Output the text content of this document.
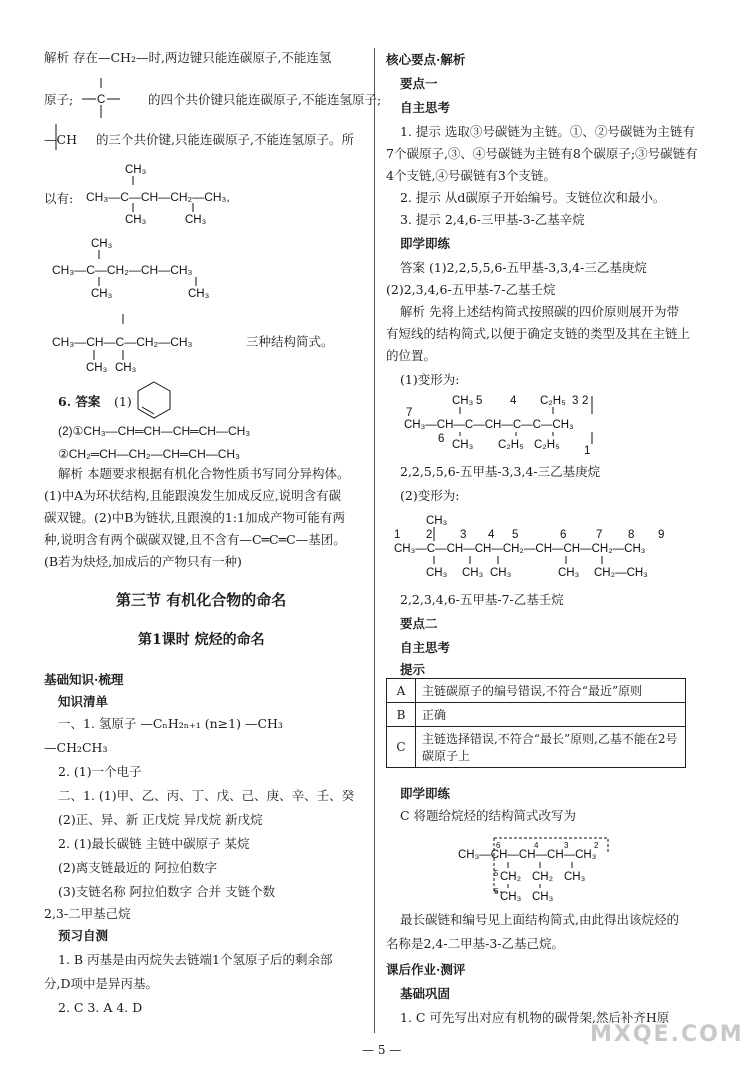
解析 存在—CH₂—时,两边键只能连碳原子,不能连氢
原子; C	的四个共价键只能连碳原子,不能连氢原子;
—CH 的三个共价键,只能连碳原子,不能连氢原子。所
以有:
CH₃
CH₃	CH₃
CH₃—C—CH—CH₂—CH₃,
CH₃
CH₃	CH₃
CH₃—C—CH₂—CH—CH₃
CH₃ CH₃
CH₃—CH—C—CH₂—CH₃	三种结构简式。
6. 答案 (1)
(2)①CH₃—CH═CH—CH═CH—CH₃
②CH₂═CH—CH₂—CH═CH—CH₃
解析 本题要求根据有机化合物性质书写同分异构体。
(1)中A为环状结构,且能跟溴发生加成反应,说明含有碳
碳双键。(2)中B为链状,且跟溴的1:1加成产物可能有两
种,说明含有两个碳碳双键,且不含有—C═C═C—基团。
(B若为炔烃,加成后的产物只有一种)
第三节 有机化合物的命名
第1课时 烷烃的命名
基础知识·梳理
知识清单
一、1. 氢原子 —CₙH₂ₙ₊₁ (n≥1) —CH₃
—CH₂CH₃
2. (1)一个电子
二、1. (1)甲、乙、丙、丁、戊、己、庚、辛、壬、癸
(2)正、异、新 正戊烷 异戊烷 新戊烷
2. (1)最长碳链 主链中碳原子 某烷
(2)离支链最近的 阿拉伯数字
(3)支链名称 阿拉伯数字 合并 支链个数
2,3-二甲基己烷
预习自测
1. B 丙基是由丙烷失去链端1个氢原子后的剩余部
分,D项中是异丙基。
2. C 3. A 4. D
核心要点·解析
要点一
自主思考
1. 提示 选取③号碳链为主链。①、②号碳链为主链有
7个碳原子,③、④号碳链为主链有8个碳原子;③号碳链有
4个支链,④号碳链有3个支链。
2. 提示 从d碳原子开始编号。支链位次和最小。
3. 提示 2,4,6-三甲基-3-乙基辛烷
即学即练
答案 (1)2,2,5,5,6-五甲基-3,3,4-三乙基庚烷
(2)2,3,4,6-五甲基-7-乙基壬烷
解析 先将上述结构简式按照碳的四价原则展开为带
有短线的结构简式,以便于确定支链的类型及其在主链上
的位置。
(1)变形为:
CH₃ 5 4 C₂H₅ 3 2
7
CH₃—CH—C—CH—C—C—CH₃
6 CH₃ C₂H₅ C₂H₅ 1
2,2,5,5,6-五甲基-3,3,4-三乙基庚烷
(2)变形为:
CH₃
1 2 3 4 5	6	7 8 9
CH₃—C—CH—CH—CH₂—CH—CH—CH₂—CH₃
CH₃ CH₃ CH₃	CH₃ CH₂—CH₃
2,2,3,4,6-五甲基-7-乙基壬烷
要点二
自主思考
提示
A	主链碳原子的编号错误,不符合“最近”原则
B	正确
C	主链选择错误,不符合“最长”原则,乙基不能在2号碳原子上
即学即练
C 将题给烷烃的结构简式改写为
6	4	3	2
CH₃—CH—CH—CH—CH₃
5
6
CH₂ CH₂ CH₃
CH₃ CH₃
最长碳链和编号见上面结构简式,由此得出该烷烃的
名称是2,4-二甲基-3-乙基己烷。
课后作业·测评
基础巩固
1. C 可先写出对应有机物的碳骨架,然后补齐H原
— 5 —
MXQE.COM
